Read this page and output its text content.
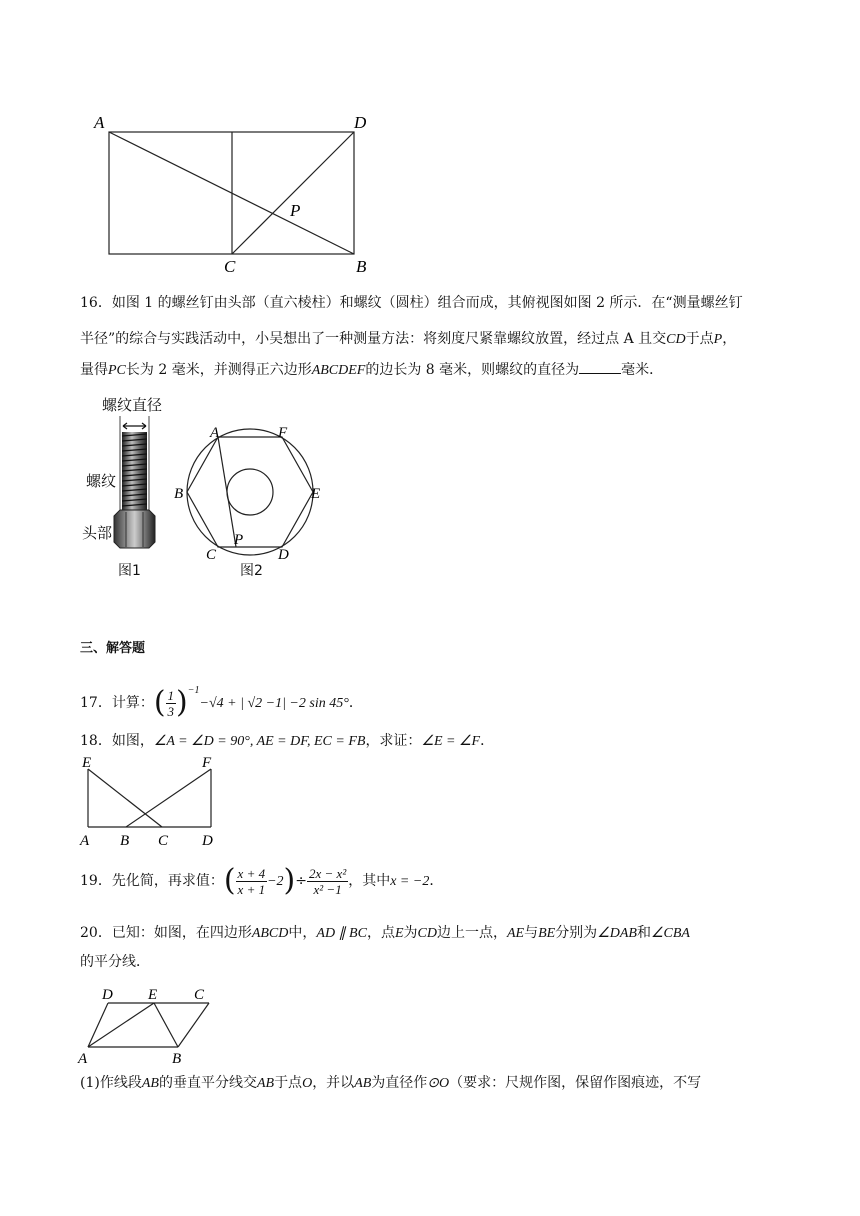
A	D
P
C	B
16．如图 1 的螺丝钉由头部（直六棱柱）和螺纹（圆柱）组合而成，其俯视图如图 2 所示．在“测量螺丝钉
半径”的综合与实践活动中，小吴想出了一种测量方法：将刻度尺紧靠螺纹放置，经过点 A 且交CD于点P，
量得PC长为 2 毫米，并测得正六边形ABCDEF的边长为 8 毫米，则螺纹的直径为	毫米．
螺纹直径
螺纹
头部
图1
A	F
B	E
C
P
D
图2
三、解答题
17．计算：( $\frac{1}{3} )^{-1}-√4$ + | √2 −1| −2 sin 45°．
18．如图，∠A = ∠D = 90°, AE = DF, EC = FB，求证：∠E = ∠F．
E	F
A B C D
19．先化简，再求值：( $\frac{x + 4}{x + 1} -2)\div \frac{\text{2x − x²}}{\text{x² −1}}$ ，其中x = −2．
20．已知：如图，在四边形ABCD中，AD ∥ BC，点E为CD边上一点，AE与BE分别为∠DAB和∠CBA
的平分线．
D E C
A	B
(1)作线段AB的垂直平分线交AB于点O，并以AB为直径作⊙O（要求：尺规作图，保留作图痕迹，不写
